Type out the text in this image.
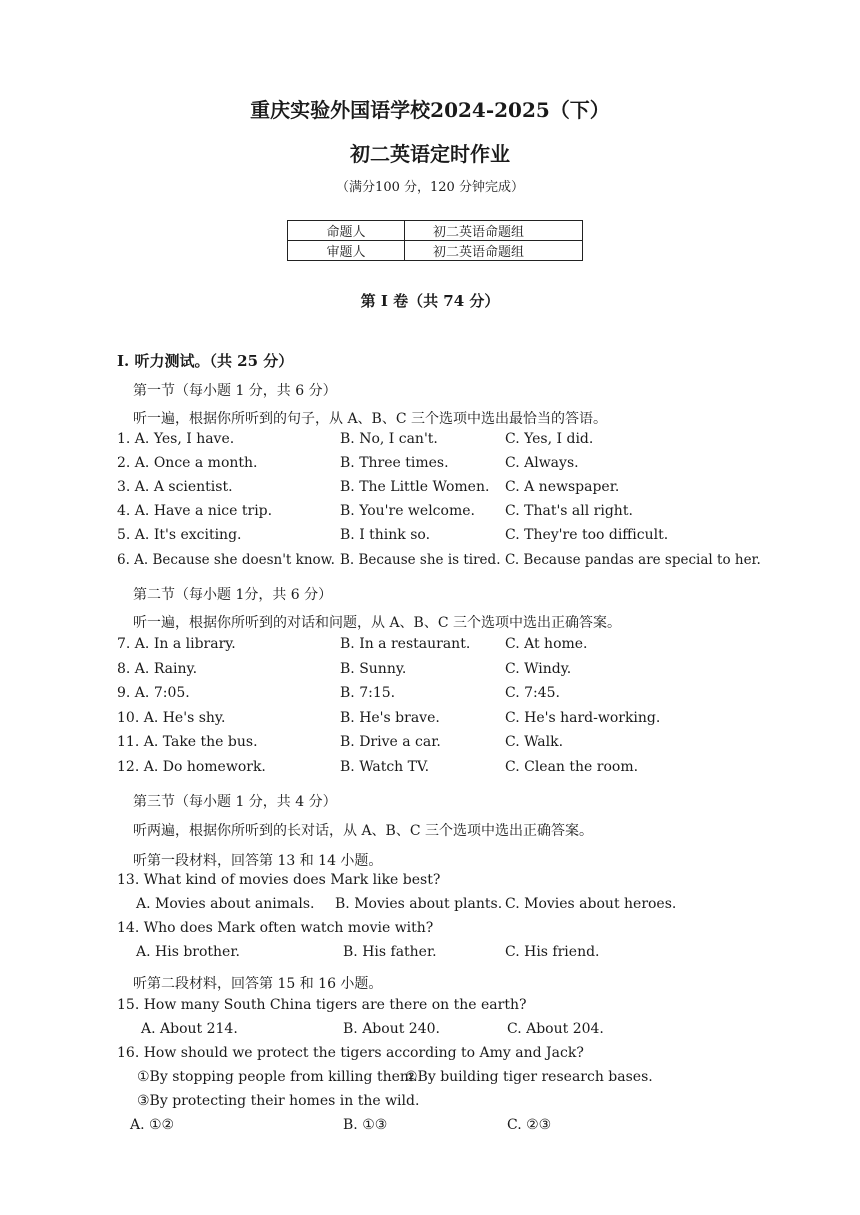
重庆实验外国语学校2024-2025（下）
初二英语定时作业
（满分100 分，120 分钟完成）
命题人	初二英语命题组
审题人	初二英语命题组
第 I 卷（共 74 分）
I. 听力测试。（共 25 分）
第一节（每小题 1 分，共 6 分）
听一遍，根据你所听到的句子，从 A、B、C 三个选项中选出最恰当的答语。
1. A. Yes, I have.	B. No, I can't.	C. Yes, I did.
2. A. Once a month.	B. Three times.	C. Always.
3. A. A scientist.	B. The Little Women. C. A newspaper.
4. A. Have a nice trip.	B. You're welcome. C. That's all right.
5. A. It's exciting.	B. I think so.	C. They're too difficult.
6. A. Because she doesn't know. B. Because she is tired. C. Because pandas are special to her.
第二节（每小题 1分，共 6 分）
听一遍，根据你所听到的对话和问题，从 A、B、C 三个选项中选出正确答案。
7. A. In a library.	B. In a restaurant. C. At home.
8. A. Rainy.	B. Sunny.	C. Windy.
9. A. 7:05.	B. 7:15.	C. 7:45.
10. A. He's shy.	B. He's brave.	C. He's hard-working.
11. A. Take the bus.	B. Drive a car.	C. Walk.
12. A. Do homework.	B. Watch TV.	C. Clean the room.
第三节（每小题 1 分，共 4 分）
听两遍，根据你所听到的长对话，从 A、B、C 三个选项中选出正确答案。
听第一段材料，回答第 13 和 14 小题。
13. What kind of movies does Mark like best?
A. Movies about animals. B. Movies about plants. C. Movies about heroes.
14. Who does Mark often watch movie with?
A. His brother.	B. His father.	C. His friend.
听第二段材料，回答第 15 和 16 小题。
15. How many South China tigers are there on the earth?
A. About 214.	B. About 240.	C. About 204.
16. How should we protect the tigers according to Amy and Jack?
①By stopping people from killing them.
②By building tiger research bases.
③By protecting their homes in the wild.
A. ①②	B. ①③	C. ②③
